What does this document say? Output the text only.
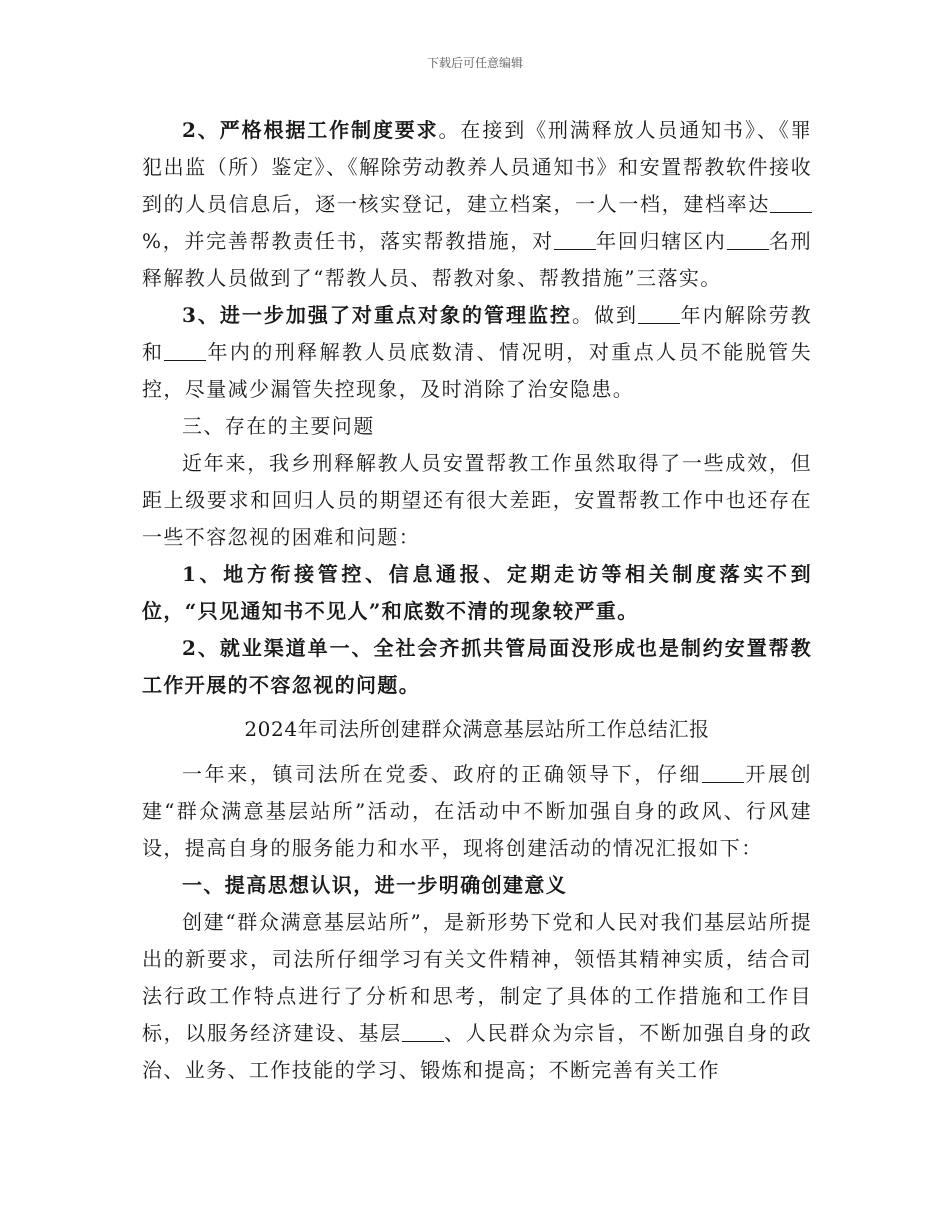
下载后可任意编辑

2、严格根据工作制度要求。在接到《刑满释放人员通知书》、《罪犯出监（所）鉴定》、《解除劳动教养人员通知书》和安置帮教软件接收到的人员信息后，逐一核实登记，建立档案，一人一档，建档率达%，并完善帮教责任书，落实帮教措施，对 年回归辖区内 名刑释解教人员做到了“帮教人员、帮教对象、帮教措施”三落实。

3、进一步加强了对重点对象的管理监控。做到 年内解除劳教和 年内的刑释解教人员底数清、情况明，对重点人员不能脱管失控，尽量减少漏管失控现象，及时消除了治安隐患。

三、存在的主要问题

近年来，我乡刑释解教人员安置帮教工作虽然取得了一些成效，但距上级要求和回归人员的期望还有很大差距，安置帮教工作中也还存在一些不容忽视的困难和问题：

1、地方衔接管控、信息通报、定期走访等相关制度落实不到位，“只见通知书不见人”和底数不清的现象较严重。

2、就业渠道单一、全社会齐抓共管局面没形成也是制约安置帮教工作开展的不容忽视的问题。

2024年司法所创建群众满意基层站所工作总结汇报

一年来，镇司法所在党委、政府的正确领导下，仔细 开展创建“群众满意基层站所”活动，在活动中不断加强自身的政风、行风建设，提高自身的服务能力和水平，现将创建活动的情况汇报如下：

一、提高思想认识，进一步明确创建意义

创建“群众满意基层站所”，是新形势下党和人民对我们基层站所提出的新要求，司法所仔细学习有关文件精神，领悟其精神实质，结合司法行政工作特点进行了分析和思考，制定了具体的工作措施和工作目标，以服务经济建设、基层 、人民群众为宗旨，不断加强自身的政治、业务、工作技能的学习、锻炼和提高；不断完善有关工作
